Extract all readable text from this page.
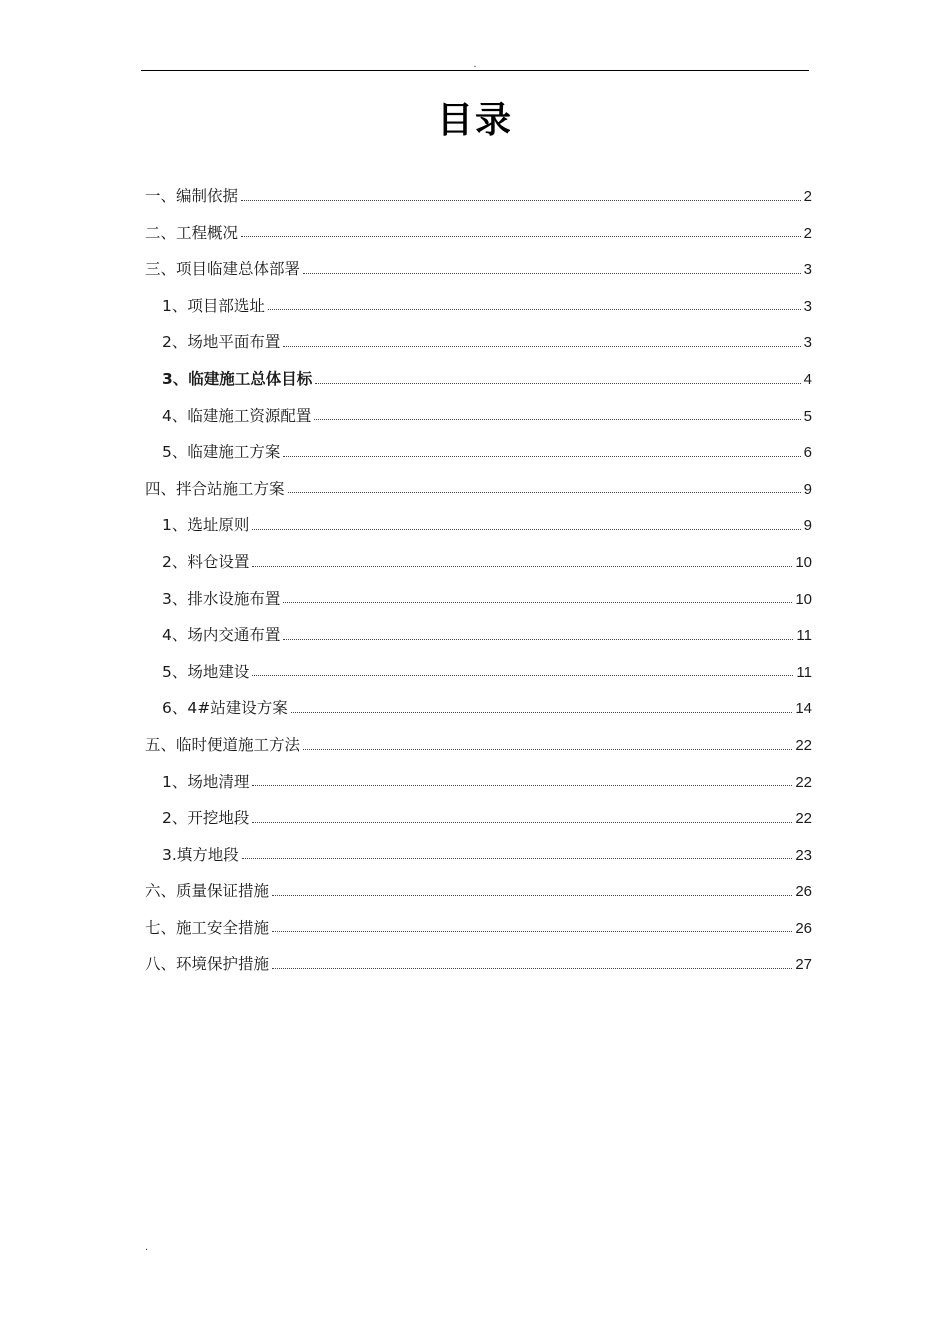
.
目录
一、编制依据	2
二、工程概况	2
三、项目临建总体部署	3
1、项目部选址	3
2、场地平面布置	3
3、临建施工总体目标	4
4、临建施工资源配置	5
5、临建施工方案	6
四、拌合站施工方案	9
1、选址原则	9
2、料仓设置	10
3、排水设施布置	10
4、场内交通布置	11
5、场地建设	11
6、4#站建设方案	14
五、临时便道施工方法	22
1、场地清理	22
2、开挖地段	22
3.填方地段	23
六、质量保证措施	26
七、施工安全措施	26
八、环境保护措施	27
.
